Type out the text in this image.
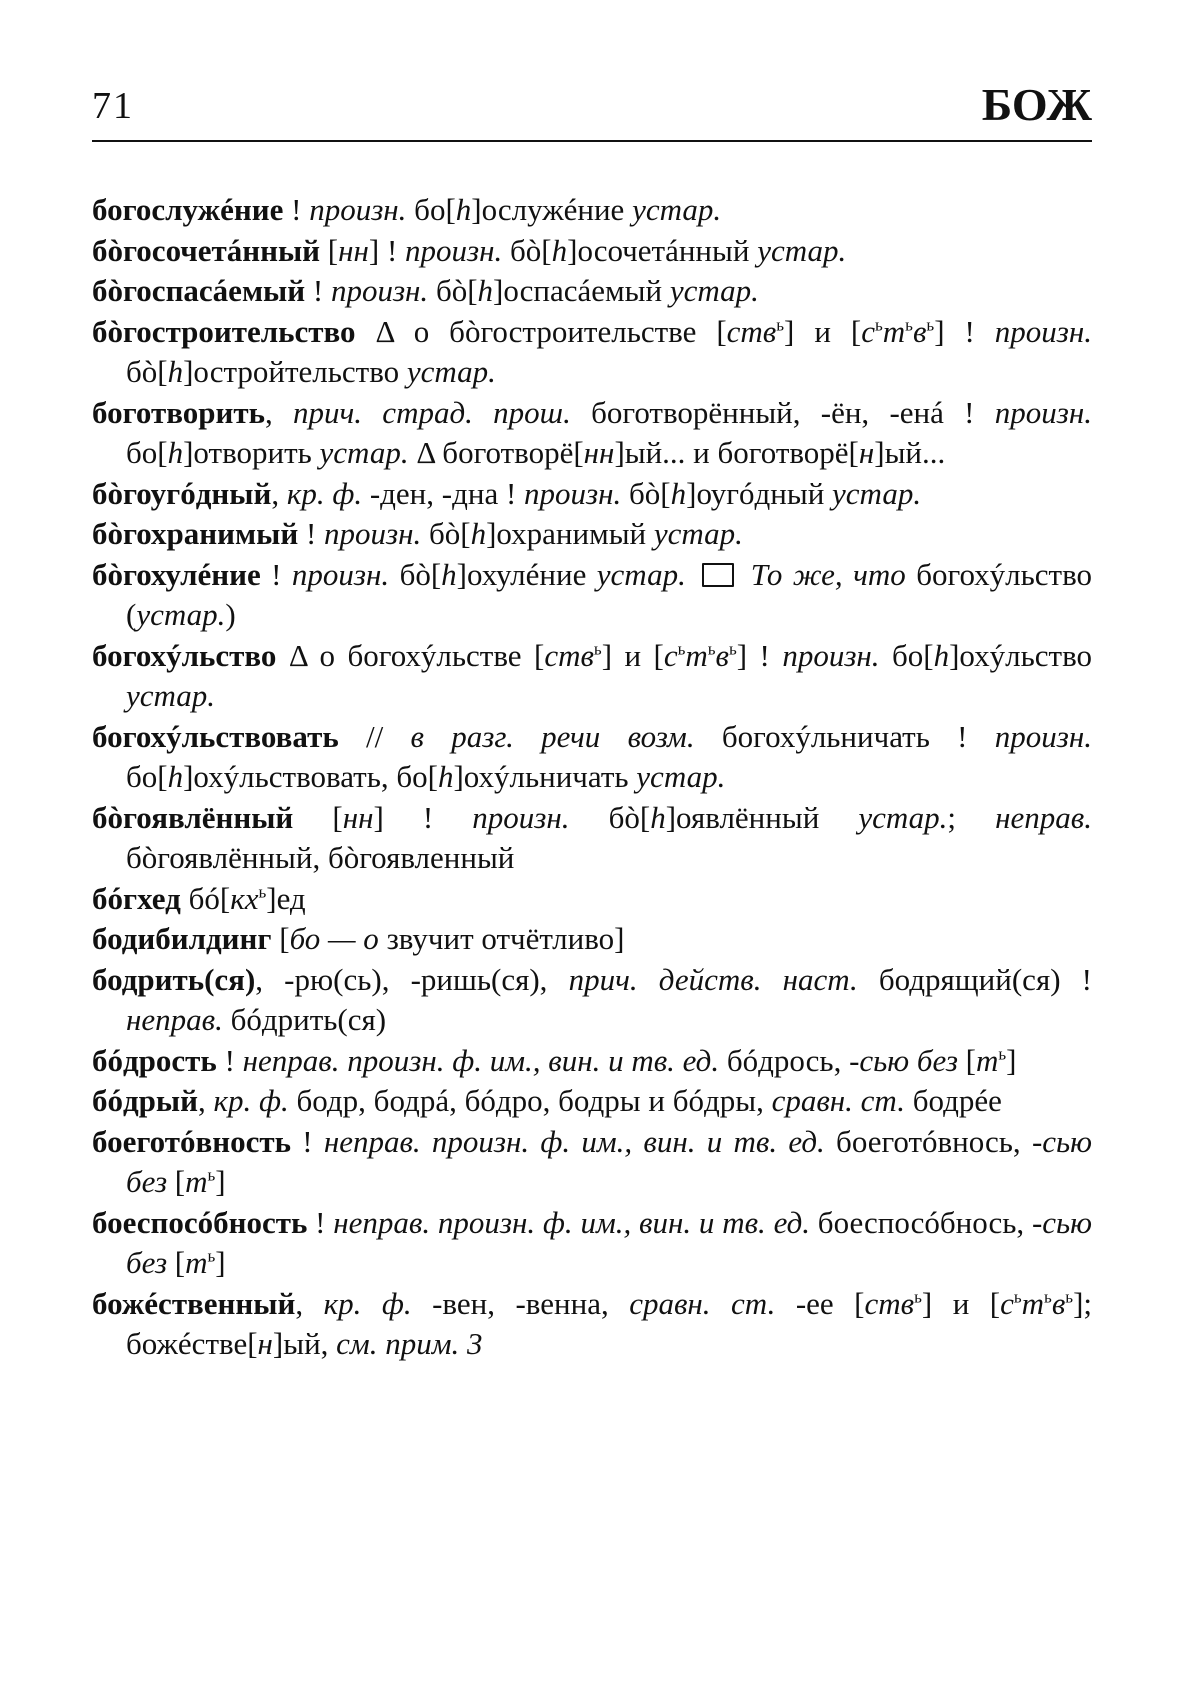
71	БОЖ

богослужéние ! произн. бо[h]ослужéние устар.

бòгосочетáнный [нн] ! произн. бò[h]осочетáнный устар.

бòгоспасáемый ! произн. бò[h]оспасáемый устар.

бòгостроительство Δ о бòгостроительстве [ств$^ь$] и $[с^ьт^ьв^ь]$ ! произн. бò[h]остройтельство устар.

боготворить, прич. страд. прош. боготворённый, -ён, -енá ! произн. бо[h]отворить устар. Δ боготворё[нн]ый... и боготворё[н]ый...

бòгоугóдный, кр. ф. -ден, -дна ! произн. бò[h]оугóдный устар.

бòгохранимый ! произн. бò[h]охранимый устар.

бòгохулéние ! произн. бò[h]охулéние устар. То же, что богохýльство (устар.)

богохýльство Δ о богохýльстве [ств$^ь$] и $[с^ьт^ьв^ь]$ ! произн. бо[h]охýльство устар.

богохýльствовать // в разг. речи возм. богохýльничать ! произн. бо[h]охýльствовать, бо[h]охýльничать устар.

бòгоявлённый [нн] ! произн. бò[h]оявлённый устар.; неправ. бòгоявлённый, бòгоявленный

бóгхед $бó[кх^ь]ед$

бодибилдинг [бо — о звучит отчётливо]

бодрить(ся), -рю(сь), -ришь(ся), прич. действ. наст. бодрящий(ся) ! неправ. бóдрить(ся)

бóдрость ! неправ. произн. ф. им., вин. и тв. ед. бóдрось, -сью без $[т^ь]$

бóдрый, кр. ф. бодр, бодрá, бóдро, бодры и бóдры, сравн. ст. бодрéе

боеготóвность ! неправ. произн. ф. им., вин. и тв. ед. боеготóвнось, -сью без $[т^ь]$

боеспосóбность ! неправ. произн. ф. им., вин. и тв. ед. боеспосóбнось, -сью без $[т^ь]$

божéственный, кр. ф. -вен, -венна, сравн. ст. -ее [ств$^ь$] и $[с^ьт^ьв^ь]$; божéстве[н]ый, см. прим. 3
